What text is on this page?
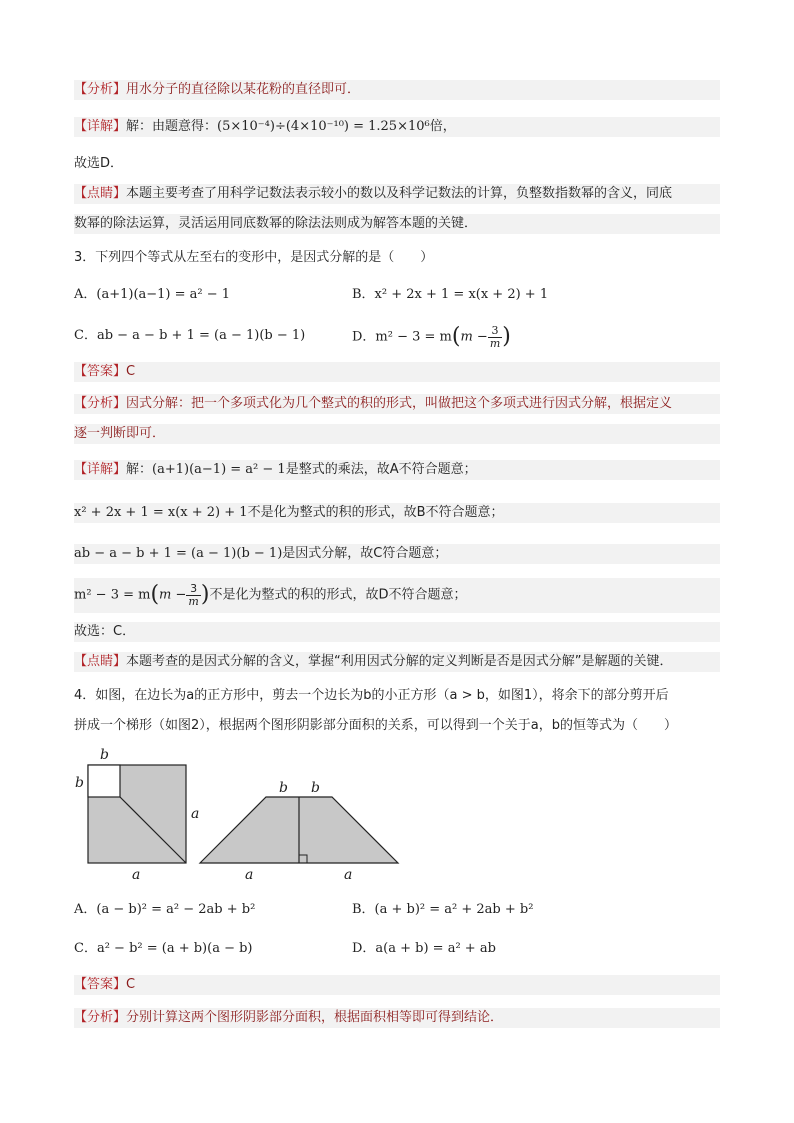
【分析】用水分子的直径除以某花粉的直径即可．
【详解】解：由题意得：(5×10⁻⁴)÷(4×10⁻¹⁰) = 1.25×10⁶倍，
故选D．
【点睛】本题主要考查了用科学记数法表示较小的数以及科学记数法的计算，负整数指数幂的含义，同底
数幂的除法运算，灵活运用同底数幂的除法法则成为解答本题的关键．
3．下列四个等式从左至右的变形中，是因式分解的是（　　）
A．(a+1)(a−1) = a² − 1	B．x² + 2x + 1 = x(x + 2) + 1
C．ab − a − b + 1 = (a − 1)(b − 1)	D．$m^2 - 3 = m(m - \frac{3}{m}$ )
【答案】C
【分析】因式分解：把一个多项式化为几个整式的积的形式，叫做把这个多项式进行因式分解，根据定义
逐一判断即可．
【详解】解：(a+1)(a−1) = a² − 1是整式的乘法，故A不符合题意；
x² + 2x + 1 = x(x + 2) + 1不是化为整式的积的形式，故B不符合题意；
ab − a − b + 1 = (a − 1)(b − 1)是因式分解，故C符合题意；
$m^2 - 3 = m(m - \frac{3}{m}$ )不是化为整式的积的形式，故D不符合题意；
故选：C．
【点睛】本题考查的是因式分解的含义，掌握“利用因式分解的定义判断是否是因式分解”是解题的关键．
4．如图，在边长为a的正方形中，剪去一个边长为b的小正方形（a > b，如图1），将余下的部分剪开后
拼成一个梯形（如图2），根据两个图形阴影部分面积的关系，可以得到一个关于a，b的恒等式为（　　）
b
b
a
a
b b
a	a
A．(a − b)² = a² − 2ab + b²	B．(a + b)² = a² + 2ab + b²
C．a² − b² = (a + b)(a − b)	D．a(a + b) = a² + ab
【答案】C
【分析】分别计算这两个图形阴影部分面积，根据面积相等即可得到结论．
